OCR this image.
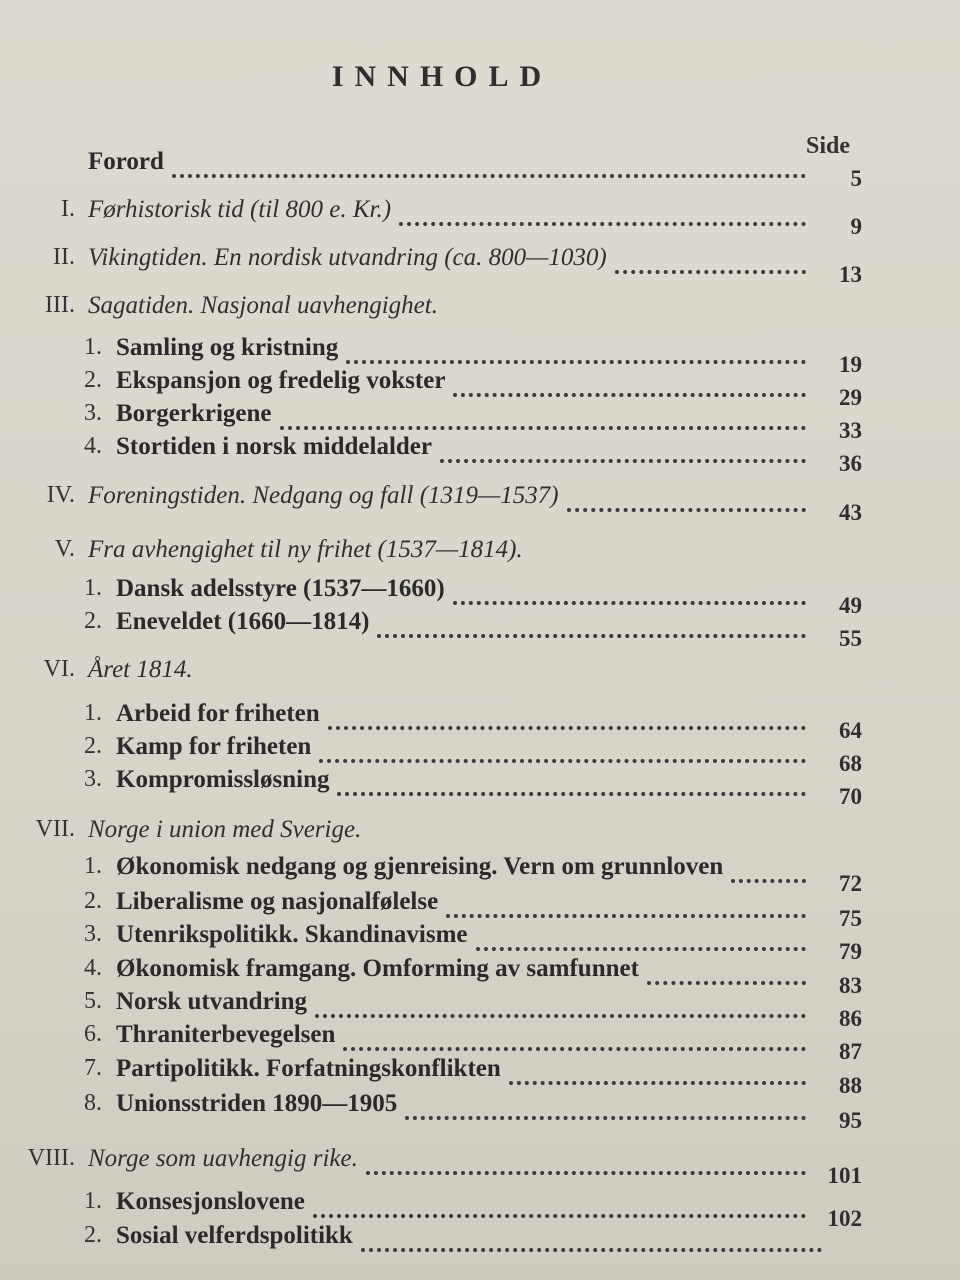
INNHOLD
Side
Forord
5
I. Førhistorisk tid (til 800 e. Kr.)
9
II. Vikingtiden. En nordisk utvandring (ca. 800—1030)
13
III. Sagatiden. Nasjonal uavhengighet.
1. Samling og kristning
19
2. Ekspansjon og fredelig vokster
29
3. Borgerkrigene
33
4. Stortiden i norsk middelalder
36
IV. Foreningstiden. Nedgang og fall (1319—1537)
43
V. Fra avhengighet til ny frihet (1537—1814).
1. Dansk adelsstyre (1537—1660)
49
2. Eneveldet (1660—1814)
55
VI. Året 1814.
1. Arbeid for friheten
64
2. Kamp for friheten
68
3. Kompromissløsning
70
VII. Norge i union med Sverige.
1. Økonomisk nedgang og gjenreising. Vern om grunnloven
72
2. Liberalisme og nasjonalfølelse
75
3. Utenrikspolitikk. Skandinavisme
79
4. Økonomisk framgang. Omforming av samfunnet
83
5. Norsk utvandring
86
6. Thraniterbevegelsen
87
7. Partipolitikk. Forfatningskonflikten
88
8. Unionsstriden 1890—1905
95
VIII. Norge som uavhengig rike.
101
1. Konsesjonslovene
102
2. Sosial velferdspolitikk
